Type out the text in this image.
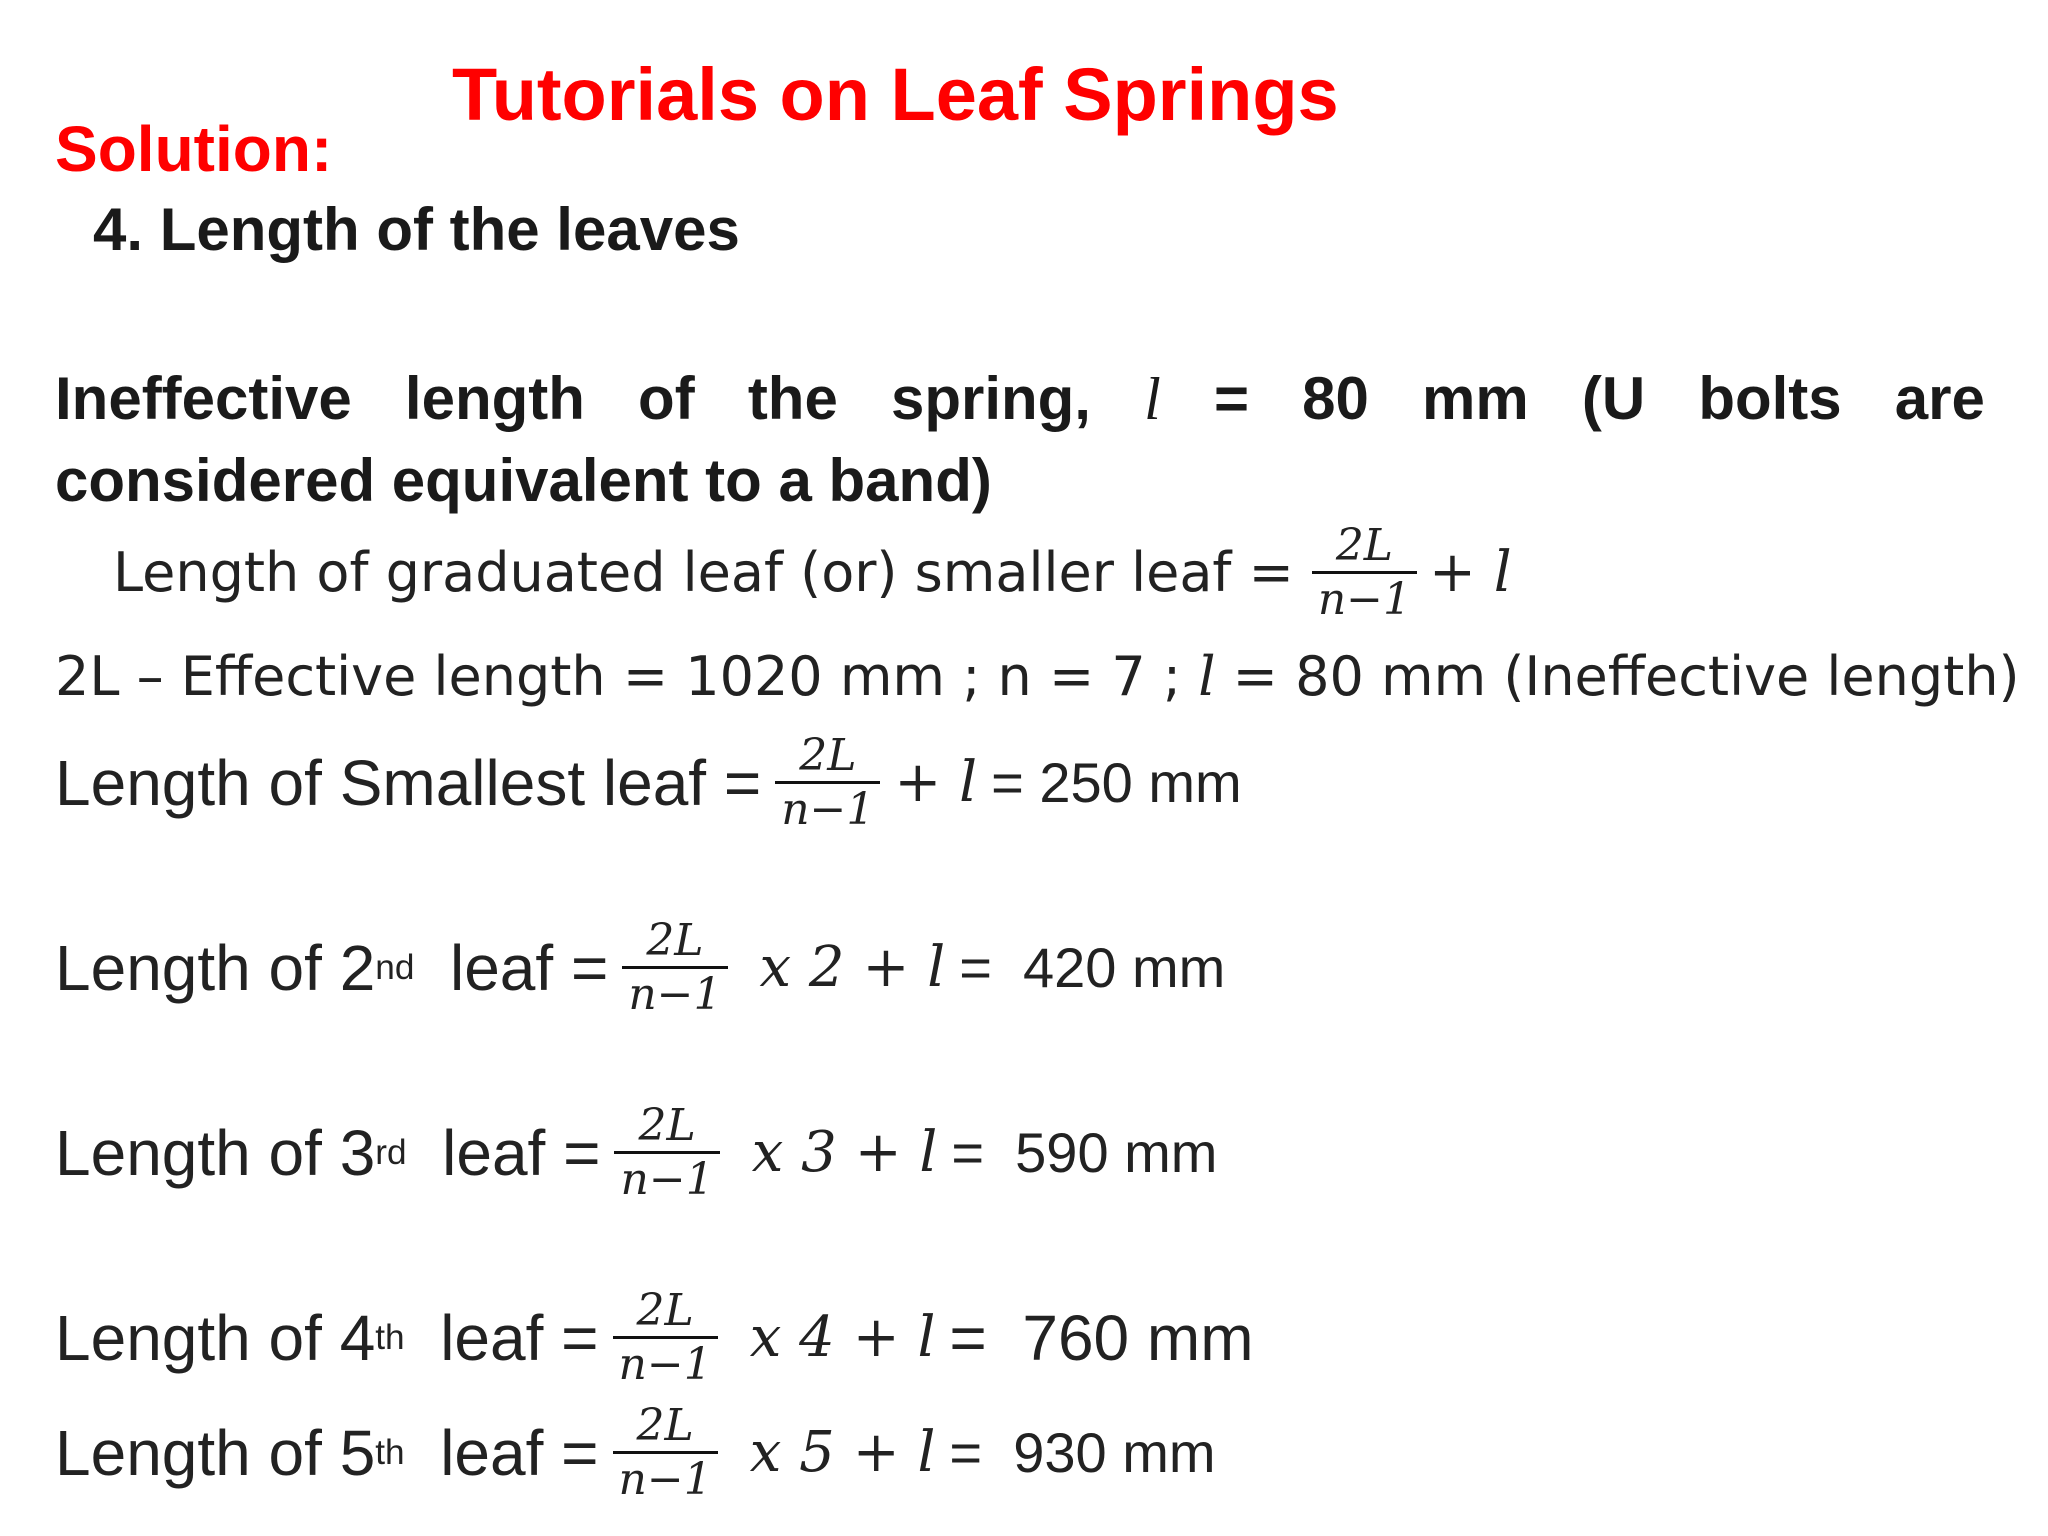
Tutorials on Leaf Springs
Solution:
4. Length of the leaves
Ineffective length of the spring, l = 80 mm (U bolts are
considered equivalent to a band)
Length of graduated leaf (or) smaller leaf = $\frac{2L}{n-1} + l$
2L – Effective length = 1020 mm ; n = 7 ; l = 80 mm (Ineffective length)
Length of Smallest leaf = $\frac{2L}{n-1} + l = 250$ mm
Length of 2 nd leaf = $\frac{2L}{n-1}$ x 2 + l =  420 mm
Length of 3 rd leaf = $\frac{2L}{n-1}$ x 3 + l =  590 mm
Length of 4 th leaf = $\frac{2L}{n-1}$ x 4 + l =  760 mm
Length of 5 th leaf = $\frac{2L}{n-1}$ x 5 + l =  930 mm
